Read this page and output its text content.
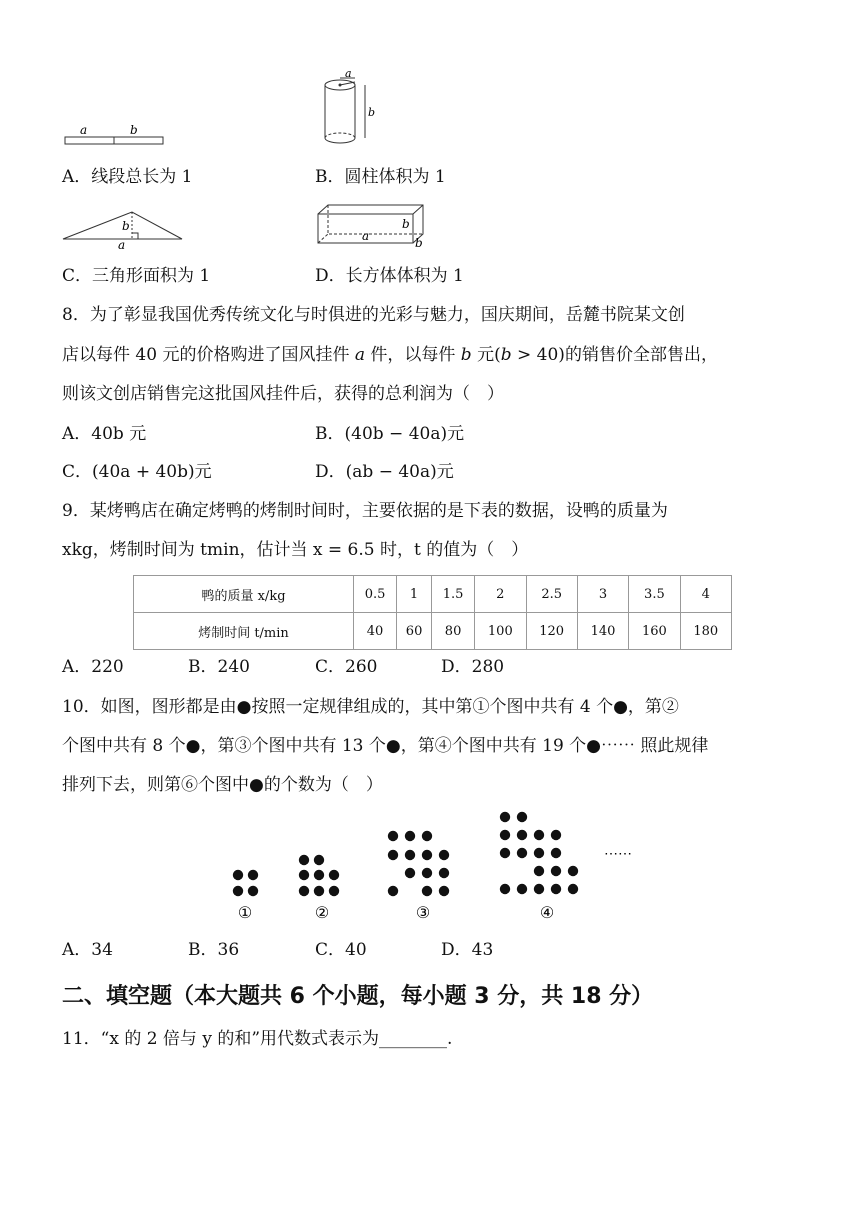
a	b
a
b
A．线段总长为 1	B．圆柱体积为 1
b
a
a
b
b
C．三角形面积为 1	D．长方体体积为 1
8．为了彰显我国优秀传统文化与时俱进的光彩与魅力，国庆期间，岳麓书院某文创
店以每件 40 元的价格购进了国风挂件 a 件，以每件 b 元(b > 40)的销售价全部售出，
则该文创店销售完这批国风挂件后，获得的总利润为（　）
A．40b 元	B．(40b − 40a)元
C．(40a + 40b)元	D．(ab − 40a)元
9．某烤鸭店在确定烤鸭的烤制时间时，主要依据的是下表的数据，设鸭的质量为
xkg，烤制时间为 tmin，估计当 x = 6.5 时，t 的值为（　）
鸭的质量 x/kg	0.5	1	1.5	2	2.5	3	3.5	4
烤制时间 t/min	40	60	80	100	120	140	160	180
A．220	B．240	C．260	D．280
10．如图，图形都是由●按照一定规律组成的，其中第①个图中共有 4 个●，第②
个图中共有 8 个●，第③个图中共有 13 个●，第④个图中共有 19 个●⋯⋯ 照此规律
排列下去，则第⑥个图中●的个数为（　）
①	②	③	④
⋯⋯
A．34	B．36	C．40	D．43
二、填空题（本大题共 6 个小题，每小题 3 分，共 18 分）
11．“x 的 2 倍与 y 的和”用代数式表示为________.
